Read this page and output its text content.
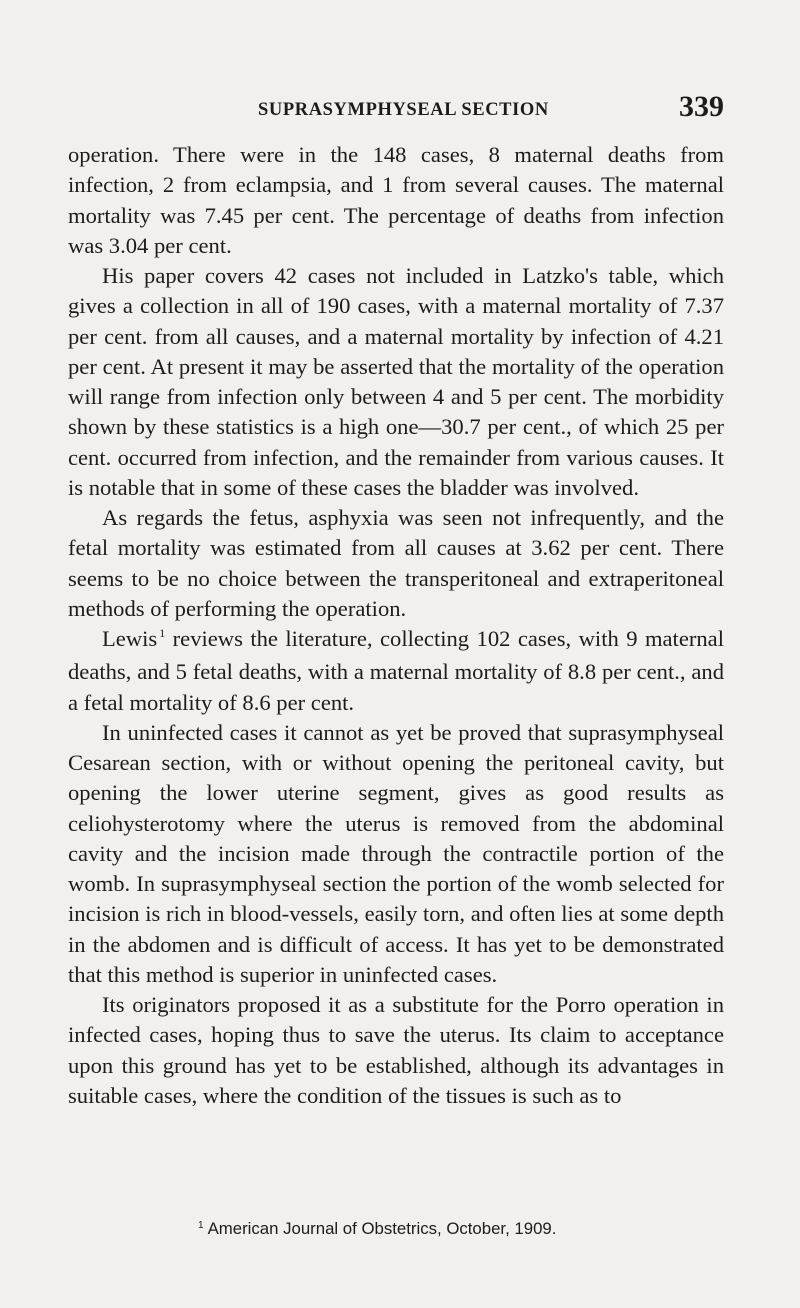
SUPRASYMPHYSEAL SECTION	339

operation. There were in the 148 cases, 8 maternal deaths from infection, 2 from eclampsia, and 1 from several causes. The maternal mortality was 7.45 per cent. The percentage of deaths from infection was 3.04 per cent.

His paper covers 42 cases not included in Latzko's table, which gives a collection in all of 190 cases, with a maternal mortality of 7.37 per cent. from all causes, and a maternal mortality by infection of 4.21 per cent. At present it may be asserted that the mortality of the operation will range from infection only between 4 and 5 per cent. The morbidity shown by these statistics is a high one—30.7 per cent., of which 25 per cent. occurred from infection, and the remainder from various causes. It is notable that in some of these cases the bladder was involved.

As regards the fetus, asphyxia was seen not infrequently, and the fetal mortality was estimated from all causes at 3.62 per cent. There seems to be no choice between the transperitoneal and extraperitoneal methods of performing the operation.

Lewis $^1$ reviews the literature, collecting 102 cases, with 9 maternal deaths, and 5 fetal deaths, with a maternal mortality of 8.8 per cent., and a fetal mortality of 8.6 per cent.

In uninfected cases it cannot as yet be proved that suprasymphyseal Cesarean section, with or without opening the peritoneal cavity, but opening the lower uterine segment, gives as good results as celiohysterotomy where the uterus is removed from the abdominal cavity and the incision made through the contractile portion of the womb. In suprasymphyseal section the portion of the womb selected for incision is rich in blood-vessels, easily torn, and often lies at some depth in the abdomen and is difficult of access. It has yet to be demonstrated that this method is superior in uninfected cases.

Its originators proposed it as a substitute for the Porro operation in infected cases, hoping thus to save the uterus. Its claim to acceptance upon this ground has yet to be established, although its advantages in suitable cases, where the condition of the tissues is such as to

$^1$ American Journal of Obstetrics, October, 1909.
